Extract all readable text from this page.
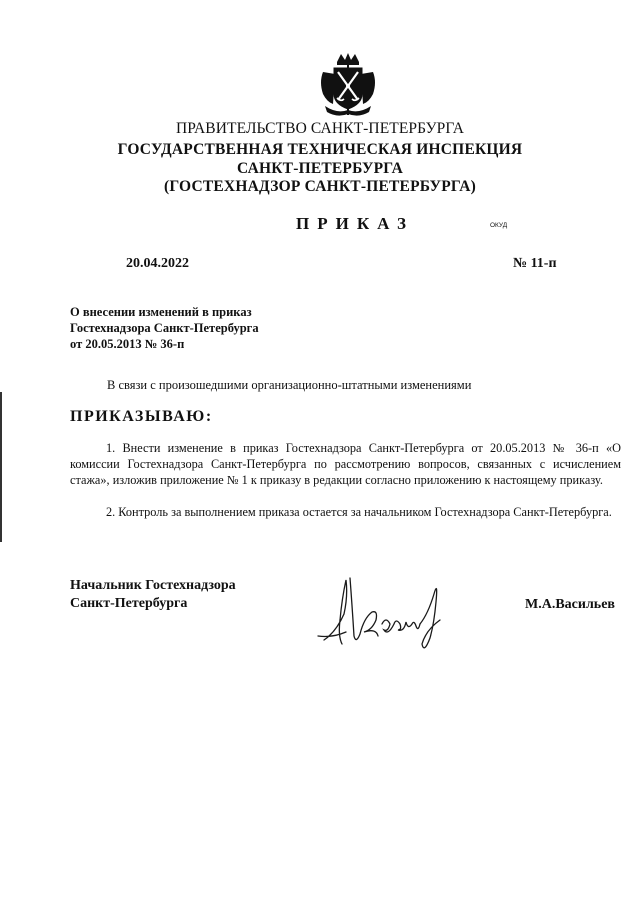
ПРАВИТЕЛЬСТВО САНКТ-ПЕТЕРБУРГА
ГОСУДАРСТВЕННАЯ ТЕХНИЧЕСКАЯ ИНСПЕКЦИЯ
САНКТ-ПЕТЕРБУРГА
(ГОСТЕХНАДЗОР САНКТ-ПЕТЕРБУРГА)
ПРИКАЗ	ОКУД
20.04.2022	№ 11-п
О внесении изменений в приказ
Гостехнадзора Санкт-Петербурга
от 20.05.2013 № 36-п
В связи с произошедшими организационно-штатными изменениями
ПРИКАЗЫВАЮ:
1. Внести изменение в приказ Гостехнадзора Санкт-Петербурга от 20.05.2013 № 36-п «О комиссии Гостехнадзора Санкт-Петербурга по рассмотрению вопросов, связанных с исчислением стажа», изложив приложение № 1 к приказу в редакции согласно приложению к настоящему приказу.
2. Контроль за выполнением приказа остается за начальником Гостехнадзора Санкт-Петербурга.
Начальник Гостехнадзора
Санкт-Петербурга	М.А.Васильев
